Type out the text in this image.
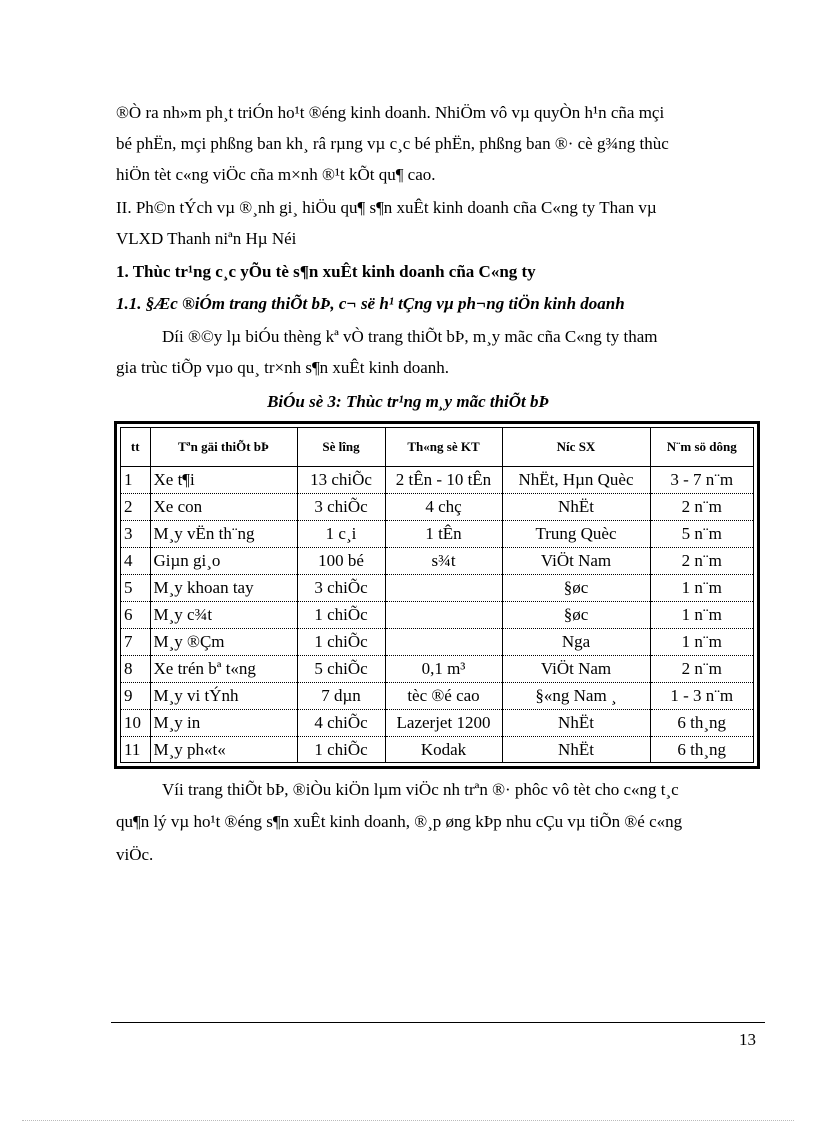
®Ò ra nh»m ph¸t triÓn ho¹t ®éng kinh doanh. NhiÖm vô vµ quyÒn h¹n cña mçi
bé phËn, mçi phßng ban kh¸ râ rµng vµ c¸c bé phËn, phßng ban ®· cè g¾ng thùc
hiÖn tèt c«ng viÖc cña m×nh ®¹t kÕt qu¶ cao.
II. Ph©n tÝch vµ ®¸nh gi¸ hiÖu qu¶ s¶n xuÊt kinh doanh cña C«ng ty Than vµ
VLXD Thanh niªn Hµ Néi
1. Thùc tr¹ng c¸c yÕu tè s¶n xuÊt kinh doanh cña C«ng ty
1.1. §Æc ®iÓm trang thiÕt bÞ, c¬ së h¹ tÇng vµ ph¬ng tiÖn kinh doanh
Díi ®©y lµ biÓu thèng kª vÒ trang thiÕt bÞ, m¸y mãc cña C«ng ty tham
gia trùc tiÕp vµo qu¸ tr×nh s¶n xuÊt kinh doanh.
BiÓu sè 3: Thùc tr¹ng m¸y mãc thiÕt bÞ
tt	Tªn gäi thiÕt bÞ	Sè lîng	Th«ng sè KT	Níc SX	N¨m sö dông
1	Xe t¶i	13 chiÕc	2 tÊn - 10 tÊn	NhËt, Hµn Quèc	3 - 7 n¨m
2	Xe con	3 chiÕc	4 chç	NhËt	2 n¨m
3	M¸y vËn th¨ng	1 c¸i	1 tÊn	Trung Quèc	5 n¨m
4	Giµn gi¸o	100 bé	s¾t	ViÖt Nam	2 n¨m
5	M¸y khoan tay	3 chiÕc		§øc	1 n¨m
6	M¸y c¾t	1 chiÕc		§øc	1 n¨m
7	M¸y ®Çm	1 chiÕc		Nga	1 n¨m
8	Xe trén bª t«ng	5 chiÕc	0,1 m³	ViÖt Nam	2 n¨m
9	M¸y vi tÝnh	7 dµn	tèc ®é cao	§«ng Nam ¸	1 - 3 n¨m
10	M¸y in	4 chiÕc	Lazerjet 1200	NhËt	6 th¸ng
11	M¸y ph«t«	1 chiÕc	Kodak	NhËt	6 th¸ng
Víi trang thiÕt bÞ, ®iÒu kiÖn lµm viÖc nh trªn ®· phôc vô tèt cho c«ng t¸c
qu¶n lý vµ ho¹t ®éng s¶n xuÊt kinh doanh, ®¸p øng kÞp nhu cÇu vµ tiÕn ®é c«ng
viÖc.
13
